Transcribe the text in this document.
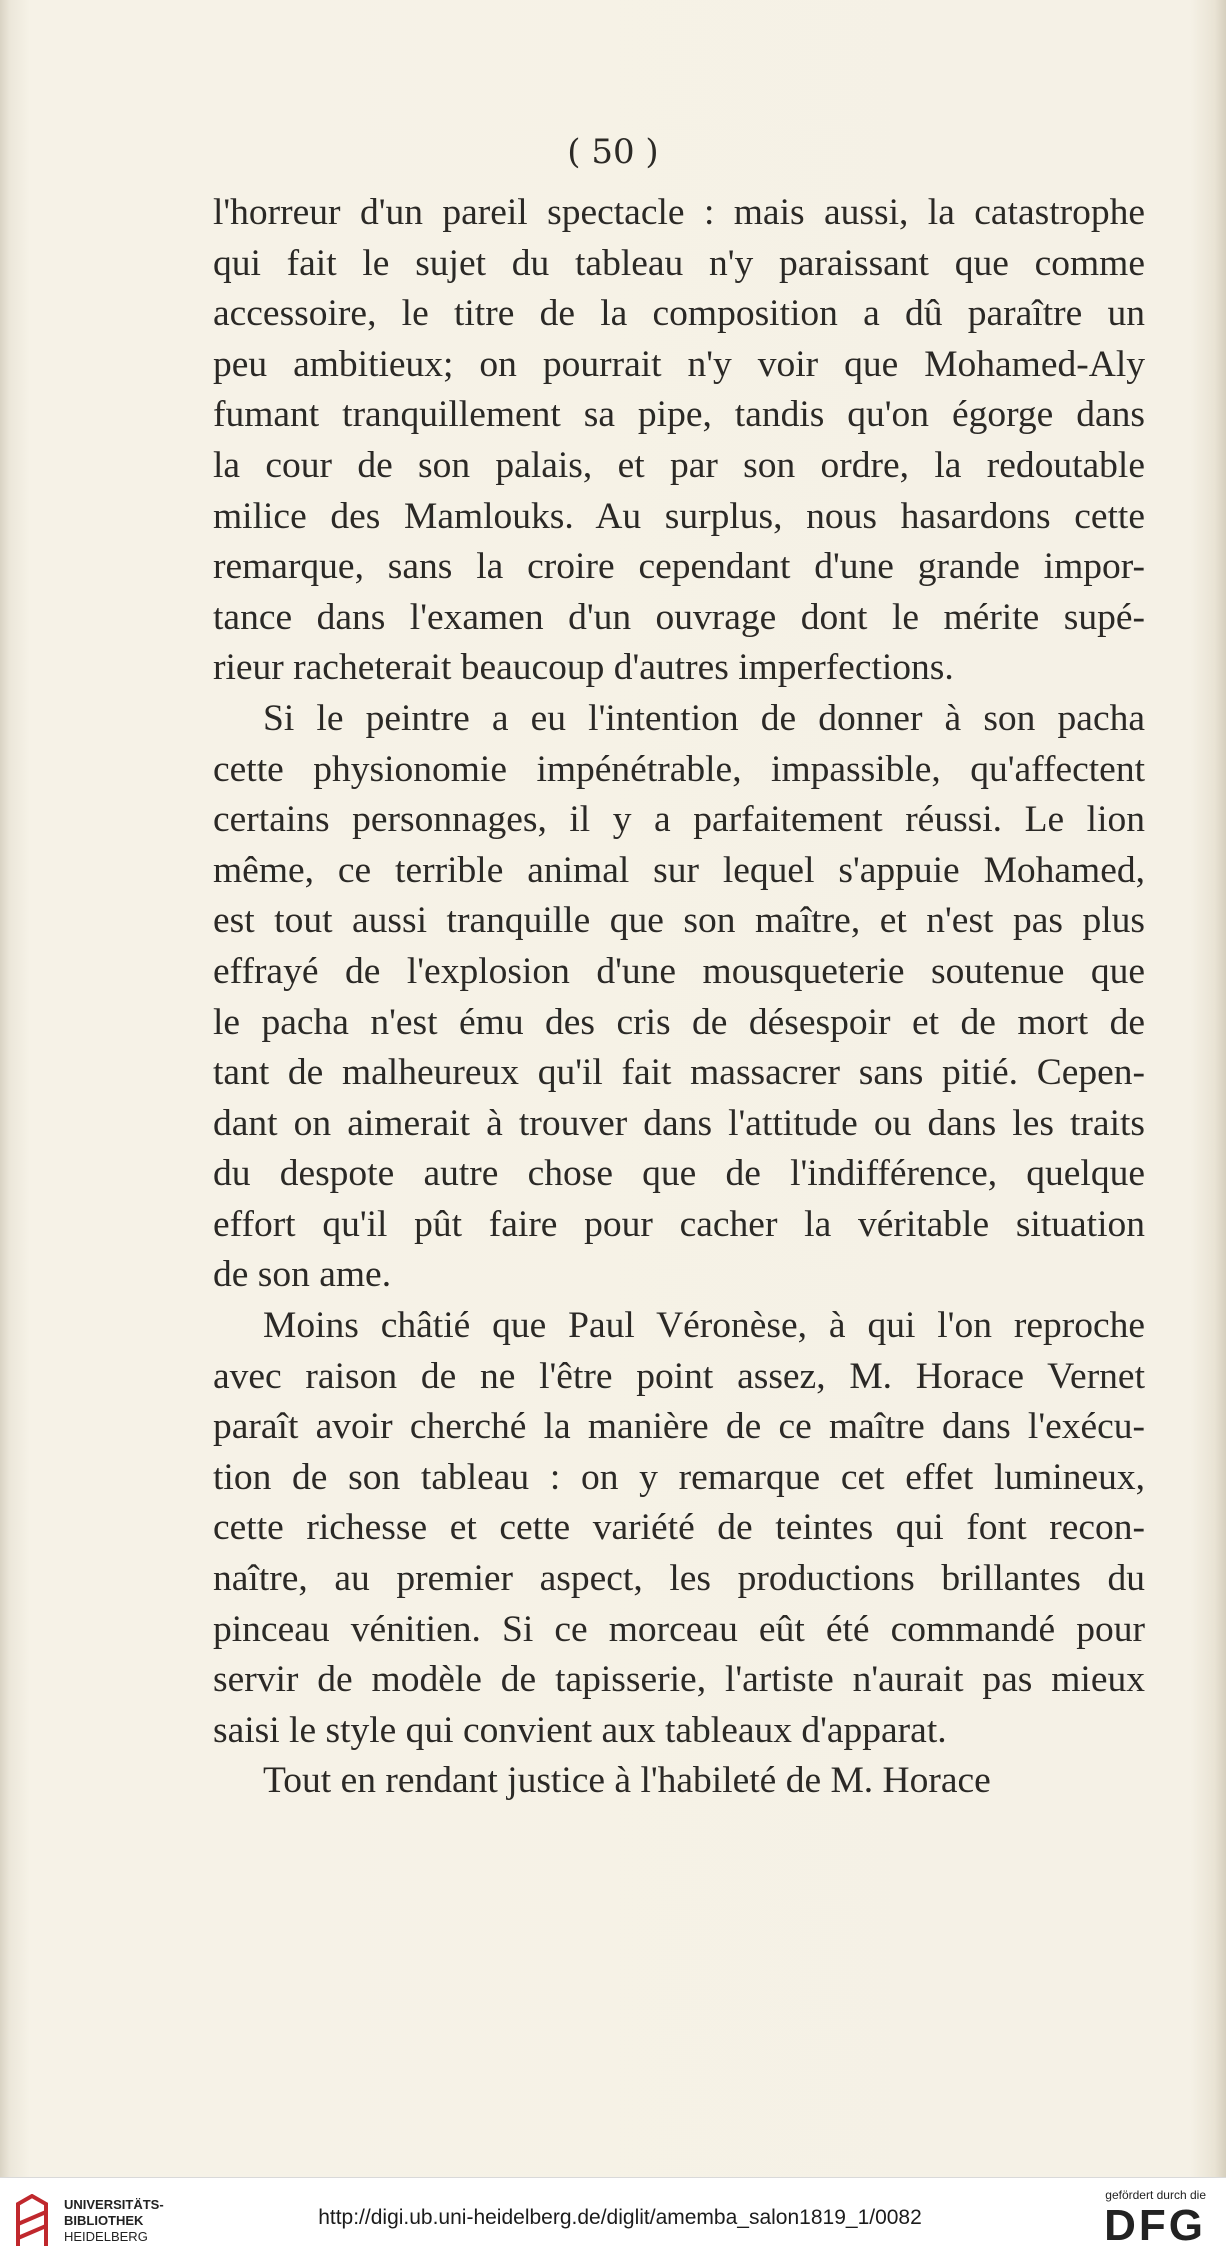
( 50 )
l'horreur d'un pareil spectacle : mais aussi, la catastrophe
qui fait le sujet du tableau n'y paraissant que comme
accessoire, le titre de la composition a dû paraître un
peu ambitieux; on pourrait n'y voir que Mohamed-Aly
fumant tranquillement sa pipe, tandis qu'on égorge dans
la cour de son palais, et par son ordre, la redoutable
milice des Mamlouks. Au surplus, nous hasardons cette
remarque, sans la croire cependant d'une grande impor-
tance dans l'examen d'un ouvrage dont le mérite supé-
rieur racheterait beaucoup d'autres imperfections.
Si le peintre a eu l'intention de donner à son pacha
cette physionomie impénétrable, impassible, qu'affectent
certains personnages, il y a parfaitement réussi. Le lion
même, ce terrible animal sur lequel s'appuie Mohamed,
est tout aussi tranquille que son maître, et n'est pas plus
effrayé de l'explosion d'une mousqueterie soutenue que
le pacha n'est ému des cris de désespoir et de mort de
tant de malheureux qu'il fait massacrer sans pitié. Cepen-
dant on aimerait à trouver dans l'attitude ou dans les traits
du despote autre chose que de l'indifférence, quelque
effort qu'il pût faire pour cacher la véritable situation
de son ame.
Moins châtié que Paul Véronèse, à qui l'on reproche
avec raison de ne l'être point assez, M. Horace Vernet
paraît avoir cherché la manière de ce maître dans l'exécu-
tion de son tableau : on y remarque cet effet lumineux,
cette richesse et cette variété de teintes qui font recon-
naître, au premier aspect, les productions brillantes du
pinceau vénitien. Si ce morceau eût été commandé pour
servir de modèle de tapisserie, l'artiste n'aurait pas mieux
saisi le style qui convient aux tableaux d'apparat.
Tout en rendant justice à l'habileté de M. Horace
UNIVERSITÄTS-
BIBLIOTHEK
HEIDELBERG
http://digi.ub.uni-heidelberg.de/diglit/amemba_salon1819_1/0082
gefördert durch die
DFG
